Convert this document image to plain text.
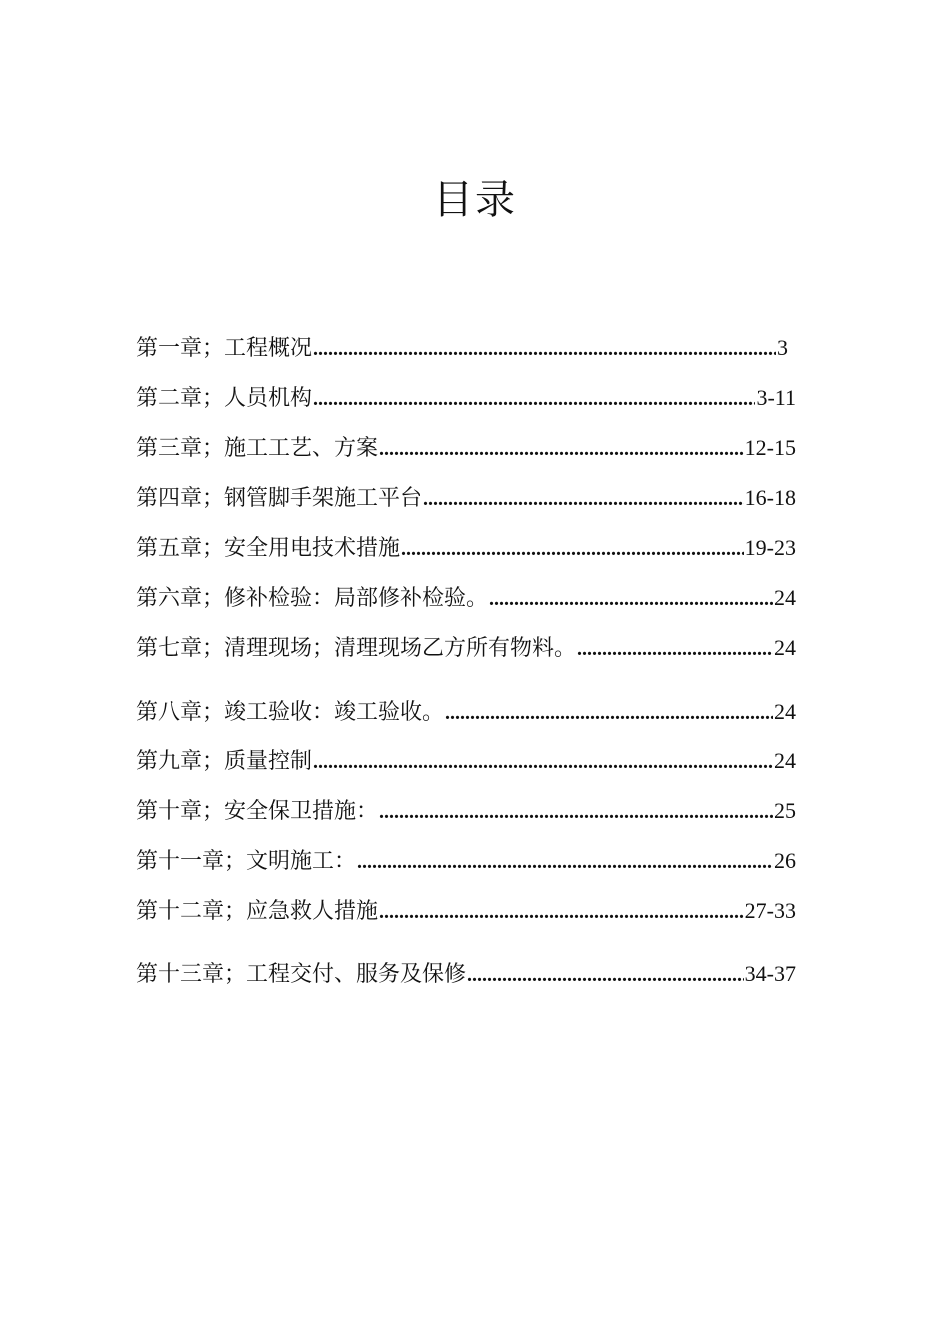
目录
第一章；工程概况 .....	3
第二章；人员机构 .....	3-11
第三章；施工工艺、方案 .....	12-15
第四章；钢管脚手架施工平台 .....	16-18
第五章；安全用电技术措施 .....	19-23
第六章；修补检验：局部修补检验。 .....	24
第七章；清理现场；清理现场乙方所有物料。 .....	24
第八章；竣工验收：竣工验收。 .....	24
第九章；质量控制 .....	24
第十章；安全保卫措施： .....	25
第十一章；文明施工： .....	26
第十二章；应急救人措施 .....	27-33
第十三章；工程交付、服务及保修 .....	34-37
